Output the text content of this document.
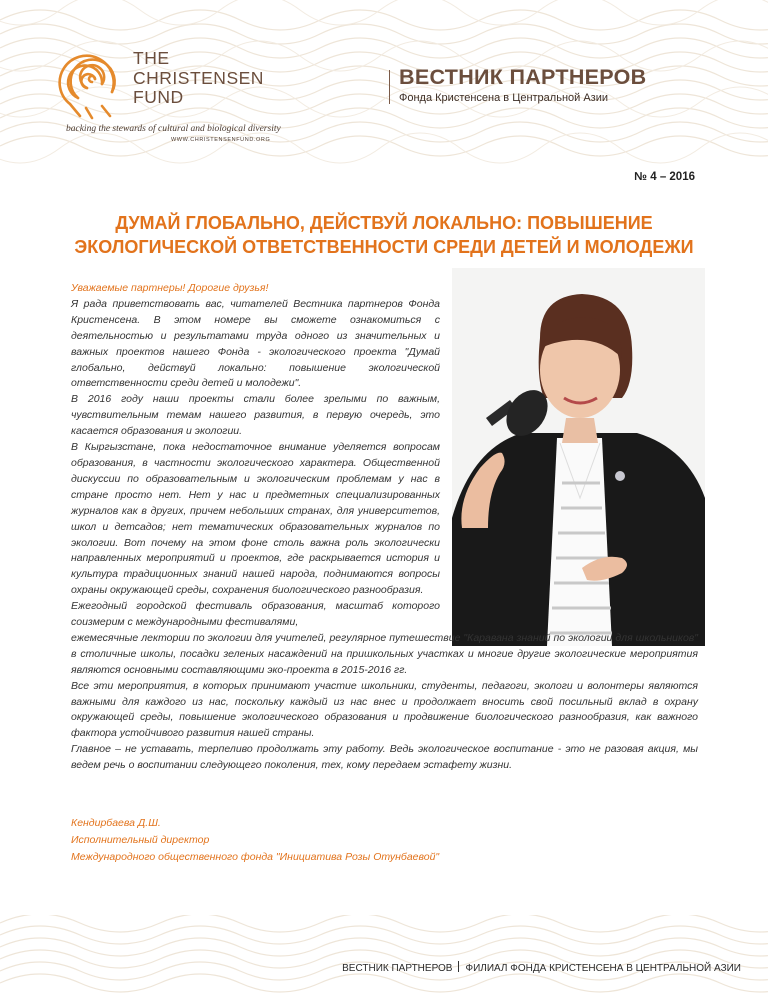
THE
CHRISTENSEN
FUND
backing the stewards of cultural and biological diversity
WWW.CHRISTENSENFUND.ORG
ВЕСТНИК ПАРТНЕРОВ
Фонда Кристенсена в Центральной Азии
№ 4 – 2016
ДУМАЙ ГЛОБАЛЬНО, ДЕЙСТВУЙ ЛОКАЛЬНО: ПОВЫШЕНИЕ
ЭКОЛОГИЧЕСКОЙ ОТВЕТСТВЕННОСТИ СРЕДИ ДЕТЕЙ И МОЛОДЕЖИ

Уважаемые партнеры! Дорогие друзья!

Я рада приветствовать вас, читателей Вестника партнеров Фонда Кристенсена. В этом номере вы сможете ознакомиться с деятельностью и результатами труда одного из значительных и важных проектов нашего Фонда - экологического проекта "Думай глобально, действуй локально: повышение экологической ответственности среди детей и молодежи".

В 2016 году наши проекты стали более зрелыми по важным, чувствительным темам нашего развития, в первую очередь, это касается образования и экологии.

В Кыргызстане, пока недостаточное внимание уделяется вопросам образования, в частности экологического характера. Общественной дискуссии по образовательным и экологическим проблемам у нас в стране просто нет. Нет у нас и предметных специализированных журналов как в других, причем небольших странах, для университетов, школ и детсадов; нет тематических образовательных журналов по экологии. Вот почему на этом фоне столь важна роль экологически направленных мероприятий и проектов, где раскрывается история и культура традиционных знаний нашей народа, поднимаются вопросы охраны окружающей среды, сохранения биологического разнообразия.

Ежегодный городской фестиваль образования, масштаб которого соизмерим с международными фестивалями,

ежемесячные лектории по экологии для учителей, регулярное путешествие "Каравана знаний по экологии для школьников" в столичные школы, посадки зеленых насаждений на пришкольных участках и многие другие экологические мероприятия являются основными составляющими эко-проекта в 2015-2016 гг.

Все эти мероприятия, в которых принимают участие школьники, студенты, педагоги, экологи и волонтеры являются важными для каждого из нас, поскольку каждый из нас внес и продолжает вносить свой посильный вклад в охрану окружающей среды, повышение экологического образования и продвижение биологического разнообразия, как важного фактора устойчивого развития нашей страны.

Главное – не уставать, терпеливо продолжать эту работу. Ведь экологическое воспитание - это не разовая акция, мы ведем речь о воспитании следующего поколения, тех, кому передаем эстафету жизни.

Кендирбаева Д.Ш.
Исполнительный директор
Международного общественного фонда "Инициатива Розы Отунбаевой"
ВЕСТНИК ПАРТНЕРОВ ФИЛИАЛ ФОНДА КРИСТЕНСЕНА В ЦЕНТРАЛЬНОЙ АЗИИ
